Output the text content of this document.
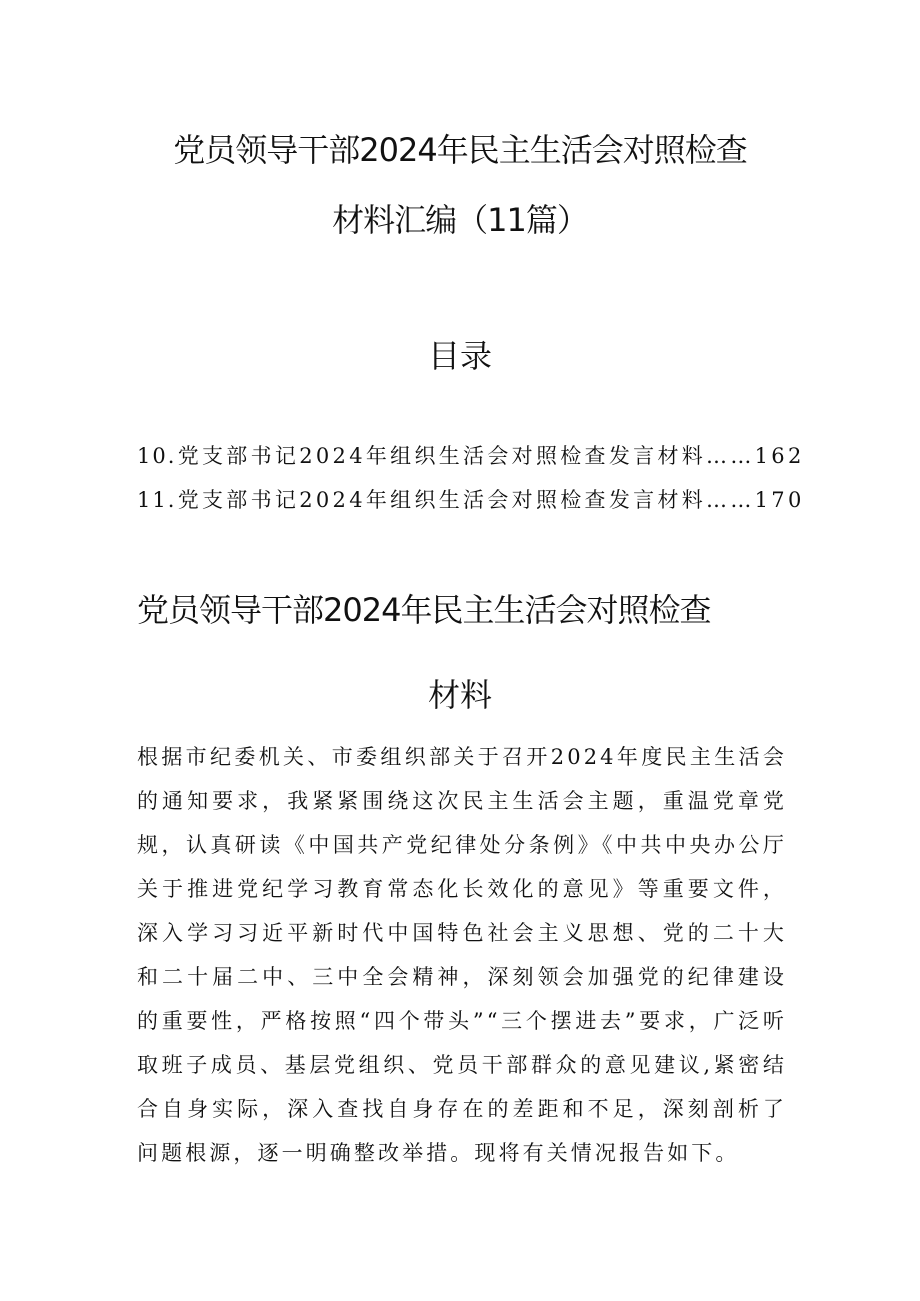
党员领导干部2024年民主生活会对照检查
材料汇编（11篇）
目录
10 .党支部书记2024年组织生活会对照检查发言材料……162
11 .党支部书记2024年组织生活会对照检查发言材料……170
党员领导干部2024年民主生活会对照检查
材料

根据市纪委机关、市委组织部关于召开2024年度民主生活会的通知要求，我紧紧围绕这次民主生活会主题，重温党章党规，认真研读《中国共产党纪律处分条例》《中共中央办公厅关于推进党纪学习教育常态化长效化的意见》等重要文件，深入学习习近平新时代中国特色社会主义思想、党的二十大和二十届二中、三中全会精神，深刻领会加强党的纪律建设的重要性，严格按照“四个带头”“三个摆进去”要求，广泛听取班子成员、基层党组织、党员干部群众的意见建议,紧密结合自身实际，深入查找自身存在的差距和不足，深刻剖析了问题根源，逐一明确整改举措。现将有关情况报告如下。
